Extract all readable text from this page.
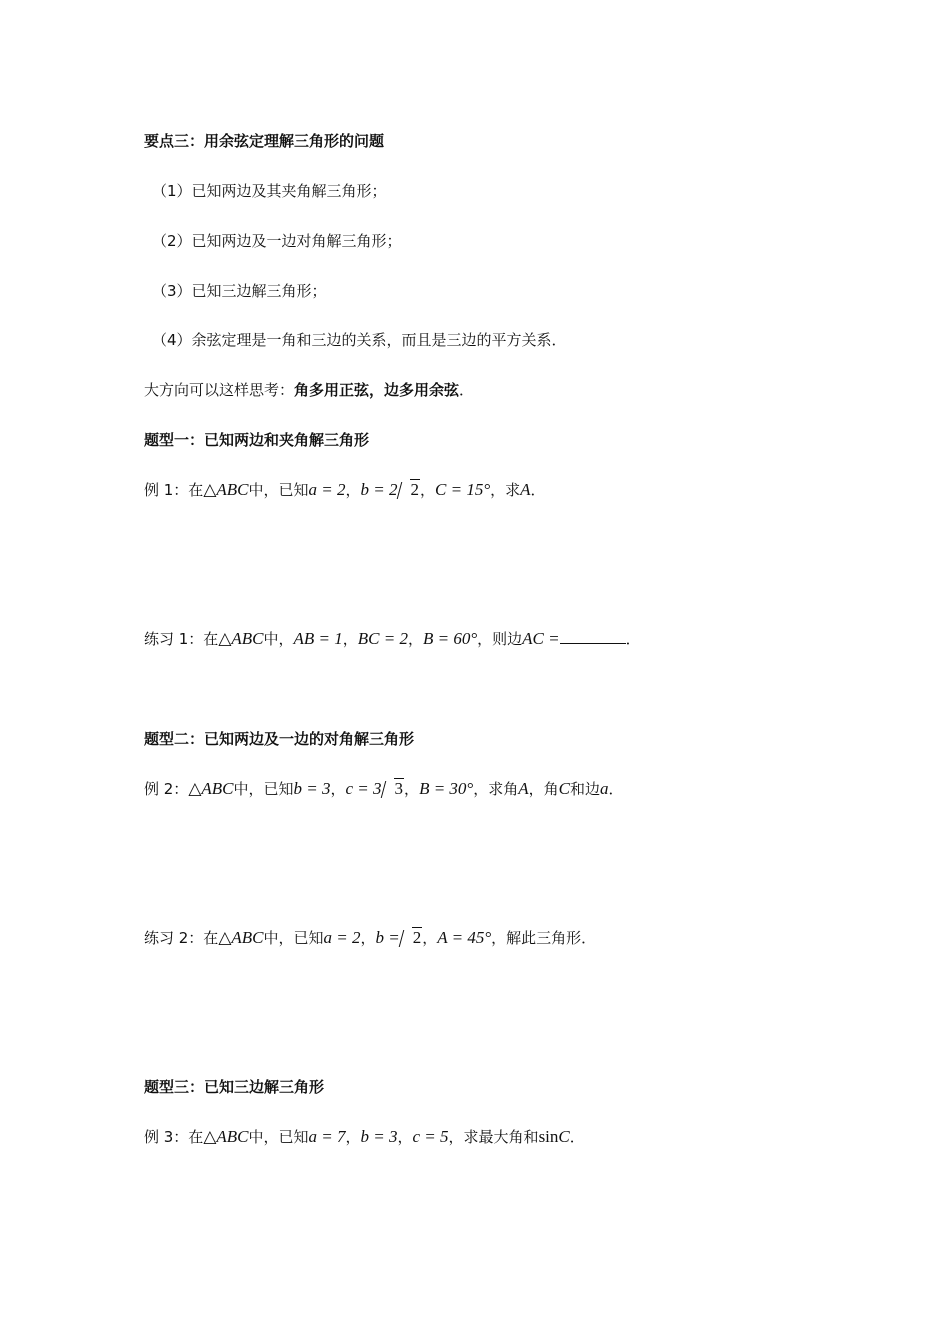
要点三：用余弦定理解三角形的问题
（1）已知两边及其夹角解三角形；
（2）已知两边及一边对角解三角形；
（3）已知三边解三角形；
（4）余弦定理是一角和三边的关系，而且是三边的平方关系．
大方向可以这样思考：角多用正弦，边多用余弦．
题型一：已知两边和夹角解三角形
例 1：在△ABC中，已知a = 2，b = 2 2，C = 15°，求A．
练习 1：在△ABC中，AB = 1，BC = 2，B = 60°，则边AC =	．
题型二：已知两边及一边的对角解三角形
例 2：△ABC中，已知b = 3，c = 3 3，B = 30°，求角A，角C和边a．
练习 2：在△ABC中，已知a = 2，b = 2，A = 45°，解此三角形．
题型三：已知三边解三角形
例 3：在△ABC中，已知a = 7，b = 3，c = 5，求最大角和sinC．
